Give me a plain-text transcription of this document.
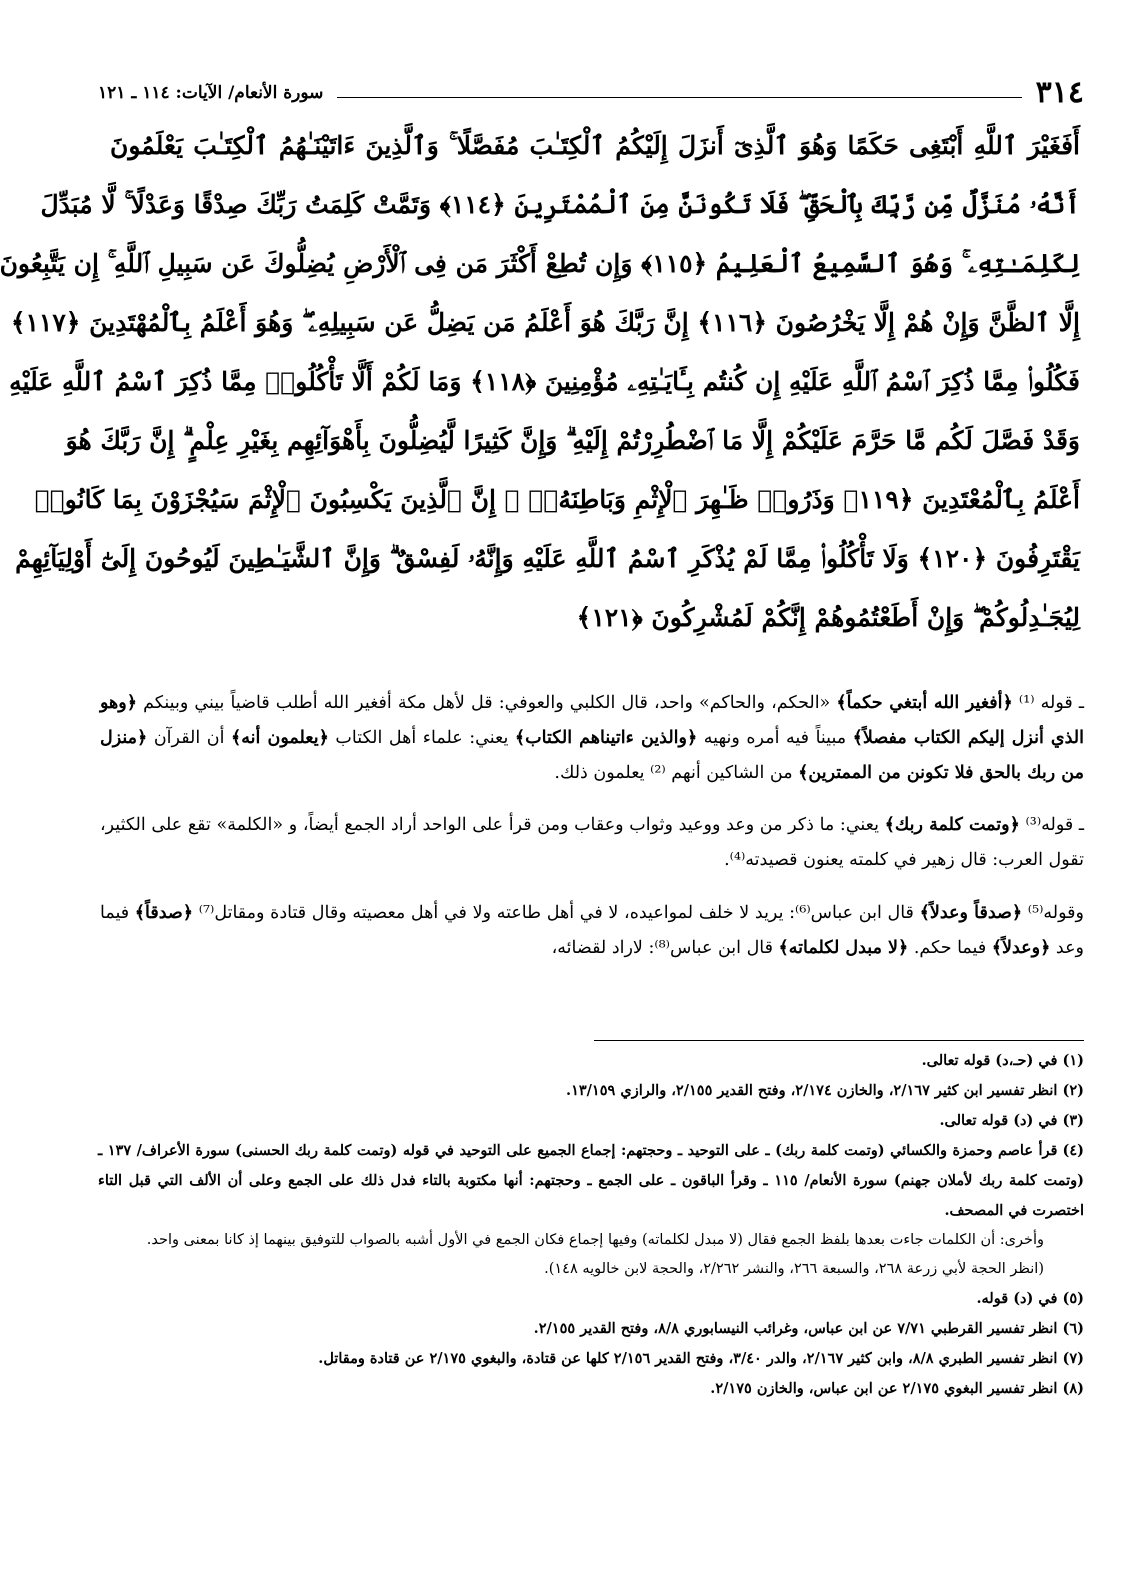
٣١٤
سورة الأنعام/ الآيات: ١١٤ ـ ١٢١
أَفَغَيْرَ ٱللَّهِ أَبْتَغِى حَكَمًا وَهُوَ ٱلَّذِىٓ أَنزَلَ إِلَيْكُمُ ٱلْكِتَـٰبَ مُفَصَّلًا ۚ وَٱلَّذِينَ ءَاتَيْنَـٰهُمُ ٱلْكِتَـٰبَ يَعْلَمُونَ
أَنَّهُۥ مُنَزَّلٌ مِّن رَّبِّكَ بِٱلْحَقِّ ۖ فَلَا تَكُونَنَّ مِنَ ٱلْمُمْتَرِينَ ﴿١١٤﴾ وَتَمَّتْ كَلِمَتُ رَبِّكَ صِدْقًا وَعَدْلًا ۚ لَّا مُبَدِّلَ
لِكَلِمَـٰتِهِۦ ۚ وَهُوَ ٱلسَّمِيعُ ٱلْعَلِيمُ ﴿١١٥﴾ وَإِن تُطِعْ أَكْثَرَ مَن فِى ٱلْأَرْضِ يُضِلُّوكَ عَن سَبِيلِ ٱللَّهِ ۚ إِن يَتَّبِعُونَ
إِلَّا ٱلظَّنَّ وَإِنْ هُمْ إِلَّا يَخْرُصُونَ ﴿١١٦﴾ إِنَّ رَبَّكَ هُوَ أَعْلَمُ مَن يَضِلُّ عَن سَبِيلِهِۦ ۖ وَهُوَ أَعْلَمُ بِٱلْمُهْتَدِينَ ﴿١١٧﴾
فَكُلُوا۟ مِمَّا ذُكِرَ ٱسْمُ ٱللَّهِ عَلَيْهِ إِن كُنتُم بِـَٔايَـٰتِهِۦ مُؤْمِنِينَ ﴿١١٨﴾ وَمَا لَكُمْ أَلَّا تَأْكُلُوا۟ مِمَّا ذُكِرَ ٱسْمُ ٱللَّهِ عَلَيْهِ
وَقَدْ فَصَّلَ لَكُم مَّا حَرَّمَ عَلَيْكُمْ إِلَّا مَا ٱضْطُرِرْتُمْ إِلَيْهِ ۗ وَإِنَّ كَثِيرًا لَّيُضِلُّونَ بِأَهْوَآئِهِم بِغَيْرِ عِلْمٍ ۗ إِنَّ رَبَّكَ هُوَ
أَعْلَمُ بِٱلْمُعْتَدِينَ ﴿١١٩﴾ وَذَرُوا۟ ظَـٰهِرَ ٱلْإِثْمِ وَبَاطِنَهُۥٓ ۚ إِنَّ ٱلَّذِينَ يَكْسِبُونَ ٱلْإِثْمَ سَيُجْزَوْنَ بِمَا كَانُوا۟
يَقْتَرِفُونَ ﴿١٢٠﴾ وَلَا تَأْكُلُوا۟ مِمَّا لَمْ يُذْكَرِ ٱسْمُ ٱللَّهِ عَلَيْهِ وَإِنَّهُۥ لَفِسْقٌ ۗ وَإِنَّ ٱلشَّيَـٰطِينَ لَيُوحُونَ إِلَىٰٓ أَوْلِيَآئِهِمْ
لِيُجَـٰدِلُوكُمْ ۖ وَإِنْ أَطَعْتُمُوهُمْ إِنَّكُمْ لَمُشْرِكُونَ ﴿١٢١﴾

ـ قوله ⁽¹⁾ ﴿أفغير الله أبتغي حكماً﴾ «الحكم، والحاكم» واحد، قال الكلبي والعوفي: قل لأهل مكة أفغير الله أطلب قاضياً بيني وبينكم ﴿وهو الذي أنزل إليكم الكتاب مفصلاً﴾ مبيناً فيه أمره ونهيه ﴿والذين ءاتيناهم الكتاب﴾ يعني: علماء أهل الكتاب ﴿يعلمون أنه﴾ أن القرآن ﴿منزل من ربك بالحق فلا تكونن من الممترين﴾ من الشاكين أنهم ⁽²⁾ يعلمون ذلك.

ـ قوله⁽³⁾ ﴿وتمت كلمة ربك﴾ يعني: ما ذكر من وعد ووعيد وثواب وعقاب ومن قرأ على الواحد أراد الجمع أيضاً، و «الكلمة» تقع على الكثير، تقول العرب: قال زهير في كلمته يعنون قصيدته⁽⁴⁾.

وقوله⁽⁵⁾ ﴿صدقاً وعدلاً﴾ قال ابن عباس⁽⁶⁾: يريد لا خلف لمواعيده، لا في أهل طاعته ولا في أهل معصيته وقال قتادة ومقاتل⁽⁷⁾ ﴿صدقاً﴾ فيما وعد ﴿وعدلاً﴾ فيما حكم. ﴿لا مبدل لكلماته﴾ قال ابن عباس⁽⁸⁾: لاراد لقضائه،

(١)في (حـ،د) قوله تعالى.
(٢)انظر تفسير ابن كثير ٢/١٦٧، والخازن ٢/١٧٤، وفتح القدير ٢/١٥٥، والرازي ١٣/١٥٩.
(٣)في (د) قوله تعالى.
(٤)قرأ عاصم وحمزة والكسائي (وتمت كلمة ربك) ـ على التوحيد ـ وحجتهم: إجماع الجميع على التوحيد في قوله (وتمت كلمة ربك الحسنى) سورة الأعراف/ ١٣٧ ـ (وتمت كلمة ربك لأملان جهنم) سورة الأنعام/ ١١٥ ـ وقرأ الباقون ـ على الجمع ـ وحجتهم: أنها مكتوبة بالتاء فدل ذلك على الجمع وعلى أن الألف التي قبل التاء اختصرت في المصحف.
وأخرى: أن الكلمات جاءت بعدها بلفظ الجمع فقال (لا مبدل لكلماته) وفيها إجماع فكان الجمع في الأول أشبه بالصواب للتوفيق بينهما إذ كانا بمعنى واحد.
(انظر الحجة لأبي زرعة ٢٦٨، والسبعة ٢٦٦، والنشر ٢/٢٦٢، والحجة لابن خالويه ١٤٨).
(٥)في (د) قوله.
(٦)انظر تفسير القرطبي ٧/٧١ عن ابن عباس، وغرائب النيسابوري ٨/٨، وفتح القدير ٢/١٥٥.
(٧)انظر تفسير الطبري ٨/٨، وابن كثير ٢/١٦٧، والدر ٣/٤٠، وفتح القدير ٢/١٥٦ كلها عن قتادة، والبغوي ٢/١٧٥ عن قتادة ومقاتل.
(٨)انظر تفسير البغوي ٢/١٧٥ عن ابن عباس، والخازن ٢/١٧٥.
